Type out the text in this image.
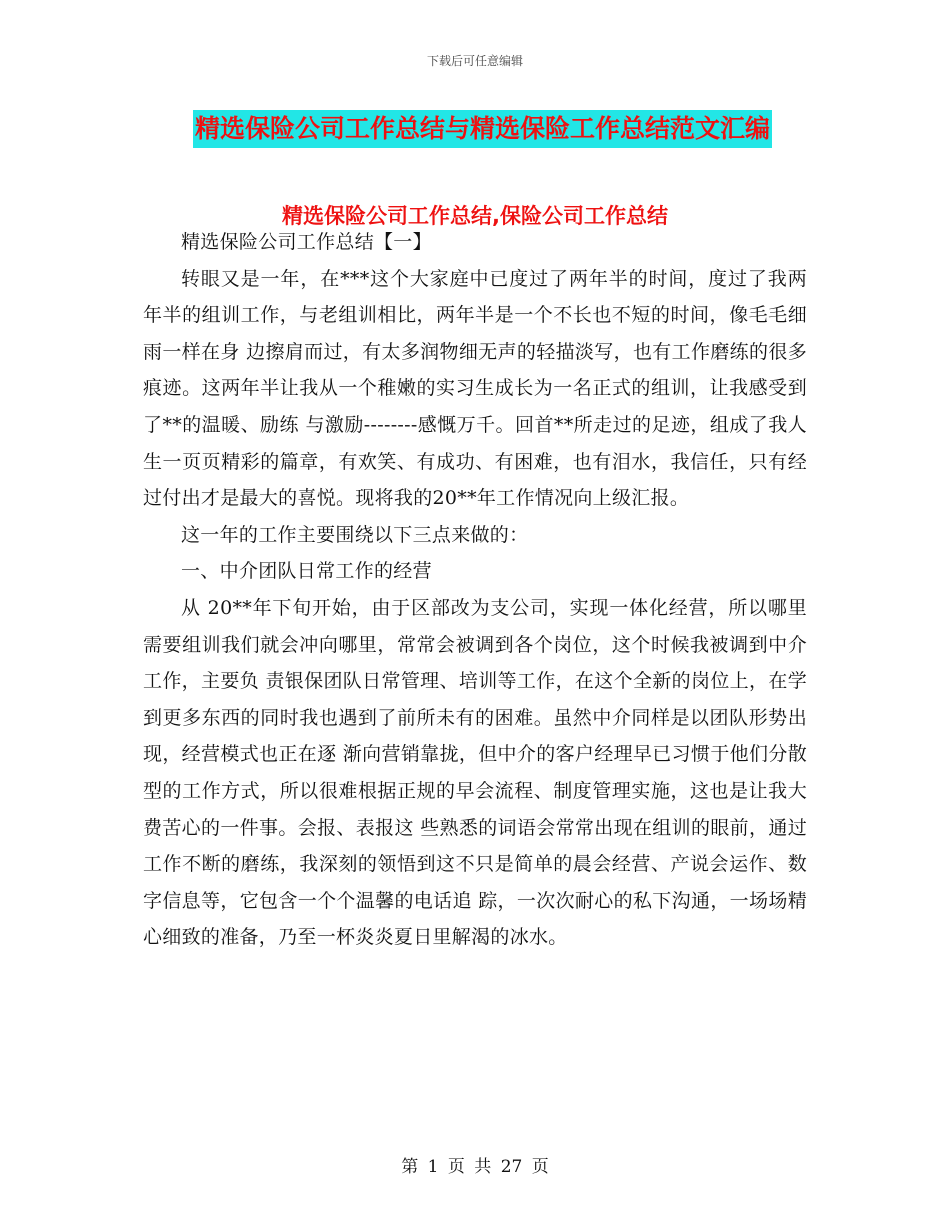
下载后可任意编辑
精选保险公司工作总结与精选保险工作总结范文汇编
精选保险公司工作总结,保险公司工作总结

精选保险公司工作总结【一】

转眼又是一年，在***这个大家庭中已度过了两年半的时间，度过了我两年半的组训工作，与老组训相比，两年半是一个不长也不短的时间，像毛毛细雨一样在身 边擦肩而过，有太多润物细无声的轻描淡写，也有工作磨练的很多痕迹。这两年半让我从一个稚嫩的实习生成长为一名正式的组训，让我感受到了**的温暖、励练 与激励--------感慨万千。回首**所走过的足迹，组成了我人生一页页精彩的篇章，有欢笑、有成功、有困难，也有泪水，我信任，只有经过付出才是最大的喜悦。现将我的20**年工作情况向上级汇报。

这一年的工作主要围绕以下三点来做的：

一、中介团队日常工作的经营

从 20**年下旬开始，由于区部改为支公司，实现一体化经营，所以哪里需要组训我们就会冲向哪里，常常会被调到各个岗位，这个时候我被调到中介工作，主要负 责银保团队日常管理、培训等工作，在这个全新的岗位上，在学到更多东西的同时我也遇到了前所未有的困难。虽然中介同样是以团队形势出现，经营模式也正在逐 渐向营销靠拢，但中介的客户经理早已习惯于他们分散型的工作方式，所以很难根据正规的早会流程、制度管理实施，这也是让我大费苦心的一件事。会报、表报这 些熟悉的词语会常常出现在组训的眼前，通过工作不断的磨练，我深刻的领悟到这不只是简单的晨会经营、产说会运作、数字信息等，它包含一个个温馨的电话追 踪，一次次耐心的私下沟通，一场场精心细致的准备，乃至一杯炎炎夏日里解渴的冰水。

第 1 页 共 27 页
